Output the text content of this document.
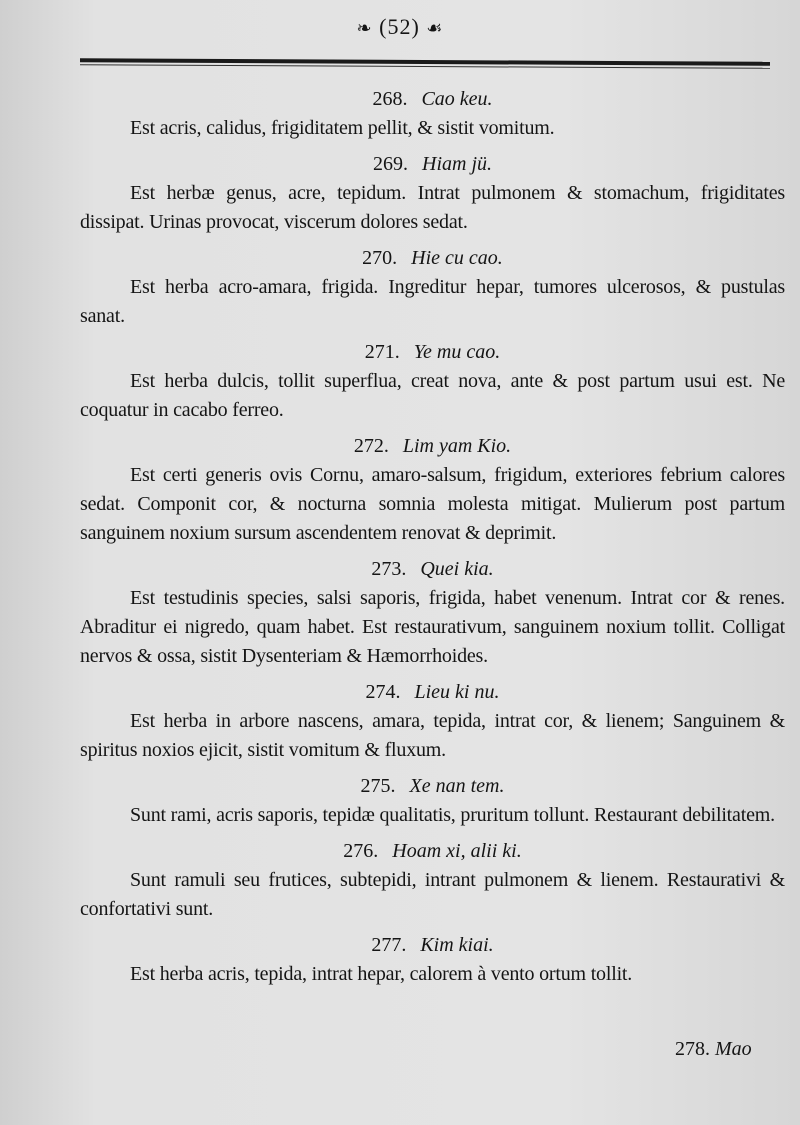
❧ (52) ☙

268. Cao keu.

Est acris, calidus, frigiditatem pellit, & sistit vomitum.

269. Hiam jü.

Est herbæ genus, acre, tepidum. Intrat pulmonem & stomachum, frigiditates dissipat. Urinas provocat, viscerum dolores sedat.

270. Hie cu cao.

Est herba acro-amara, frigida. Ingreditur hepar, tumores ulcerosos, & pustulas sanat.

271. Ye mu cao.

Est herba dulcis, tollit superflua, creat nova, ante & post partum usui est. Ne coquatur in cacabo ferreo.

272. Lim yam Kio.

Est certi generis ovis Cornu, amaro-salsum, frigidum, exteriores febrium calores sedat. Componit cor, & nocturna somnia molesta mitigat. Mulierum post partum sanguinem noxium sursum ascendentem renovat & deprimit.

273. Quei kia.

Est testudinis species, salsi saporis, frigida, habet venenum. Intrat cor & renes. Abraditur ei nigredo, quam habet. Est restaurativum, sanguinem noxium tollit. Colligat nervos & ossa, sistit Dysenteriam & Hæmorrhoides.

274. Lieu ki nu.

Est herba in arbore nascens, amara, tepida, intrat cor, & lienem; Sanguinem & spiritus noxios ejicit, sistit vomitum & fluxum.

275. Xe nan tem.

Sunt rami, acris saporis, tepidæ qualitatis, pruritum tollunt. Restaurant debilitatem.

276. Hoam xi, alii ki.

Sunt ramuli seu frutices, subtepidi, intrant pulmonem & lienem. Restaurativi & confortativi sunt.

277. Kim kiai.

Est herba acris, tepida, intrat hepar, calorem à vento ortum tollit.

278. Mao
